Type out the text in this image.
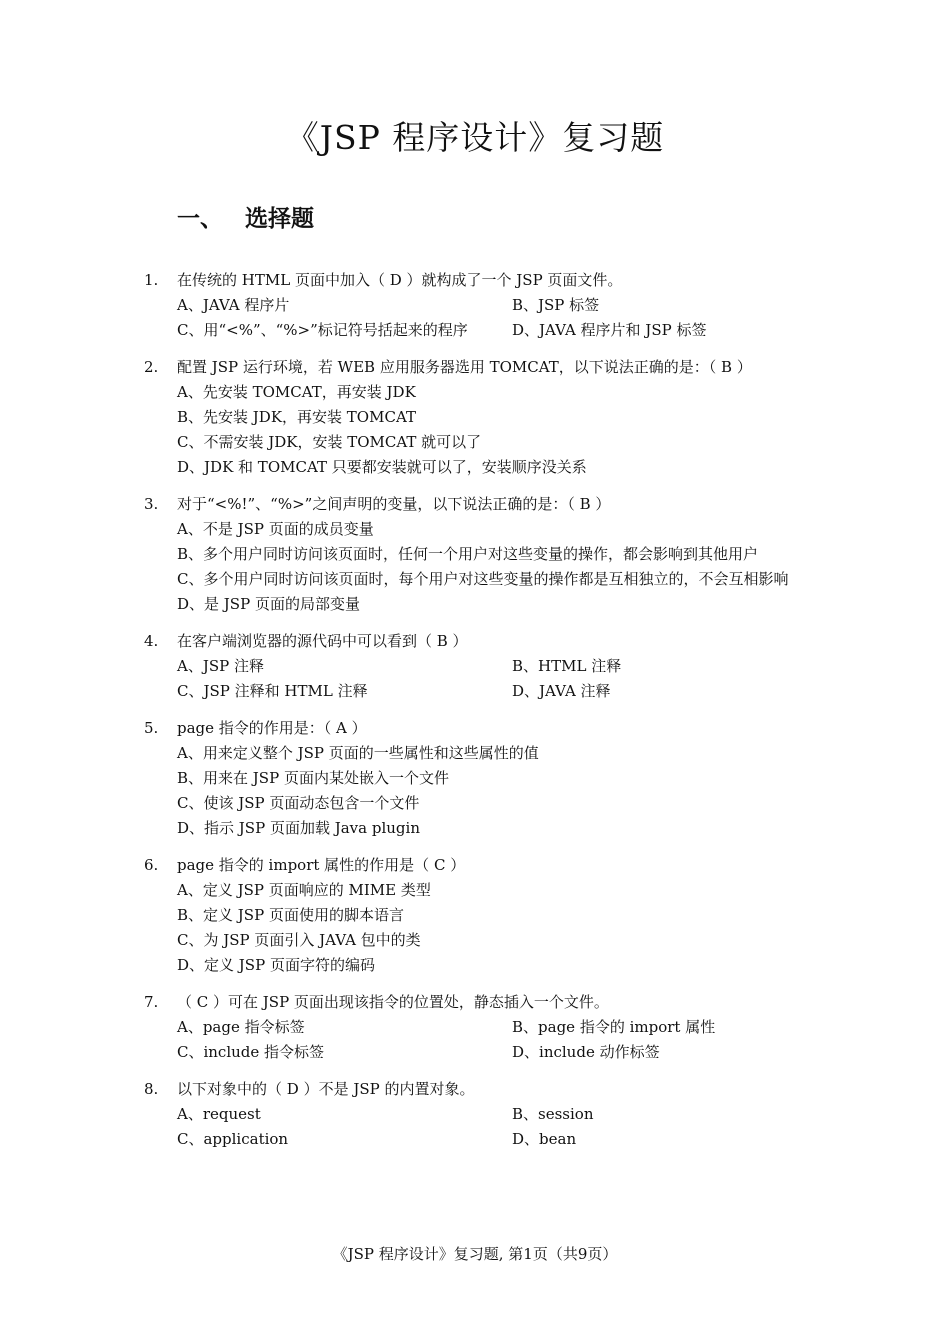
《JSP 程序设计》复习题
一、 选择题
1. 在传统的 HTML 页面中加入（ D ）就构成了一个 JSP 页面文件。
A、JAVA 程序片	B、JSP 标签
C、用“<%”、“%>”标记符号括起来的程序	D、JAVA 程序片和 JSP 标签
2. 配置 JSP 运行环境，若 WEB 应用服务器选用 TOMCAT，以下说法正确的是：（ B ）
A、先安装 TOMCAT，再安装 JDK
B、先安装 JDK，再安装 TOMCAT
C、不需安装 JDK，安装 TOMCAT 就可以了
D、JDK 和 TOMCAT 只要都安装就可以了，安装顺序没关系
3. 对于“<%!”、“%>”之间声明的变量，以下说法正确的是：（ B ）
A、不是 JSP 页面的成员变量
B、多个用户同时访问该页面时，任何一个用户对这些变量的操作，都会影响到其他用户
C、多个用户同时访问该页面时，每个用户对这些变量的操作都是互相独立的，不会互相影响
D、是 JSP 页面的局部变量
4. 在客户端浏览器的源代码中可以看到（ B ）
A、JSP 注释	B、HTML 注释
C、JSP 注释和 HTML 注释	D、JAVA 注释
5. page 指令的作用是：（ A ）
A、用来定义整个 JSP 页面的一些属性和这些属性的值
B、用来在 JSP 页面内某处嵌入一个文件
C、使该 JSP 页面动态包含一个文件
D、指示 JSP 页面加载 Java plugin
6. page 指令的 import 属性的作用是（ C ）
A、定义 JSP 页面响应的 MIME 类型
B、定义 JSP 页面使用的脚本语言
C、为 JSP 页面引入 JAVA 包中的类
D、定义 JSP 页面字符的编码
7. （ C ）可在 JSP 页面出现该指令的位置处，静态插入一个文件。
A、page 指令标签	B、page 指令的 import 属性
C、include 指令标签	D、include 动作标签
8. 以下对象中的（ D ）不是 JSP 的内置对象。
A、request	B、session
C、application	D、bean
《JSP 程序设计》复习题, 第1页（共9页）
